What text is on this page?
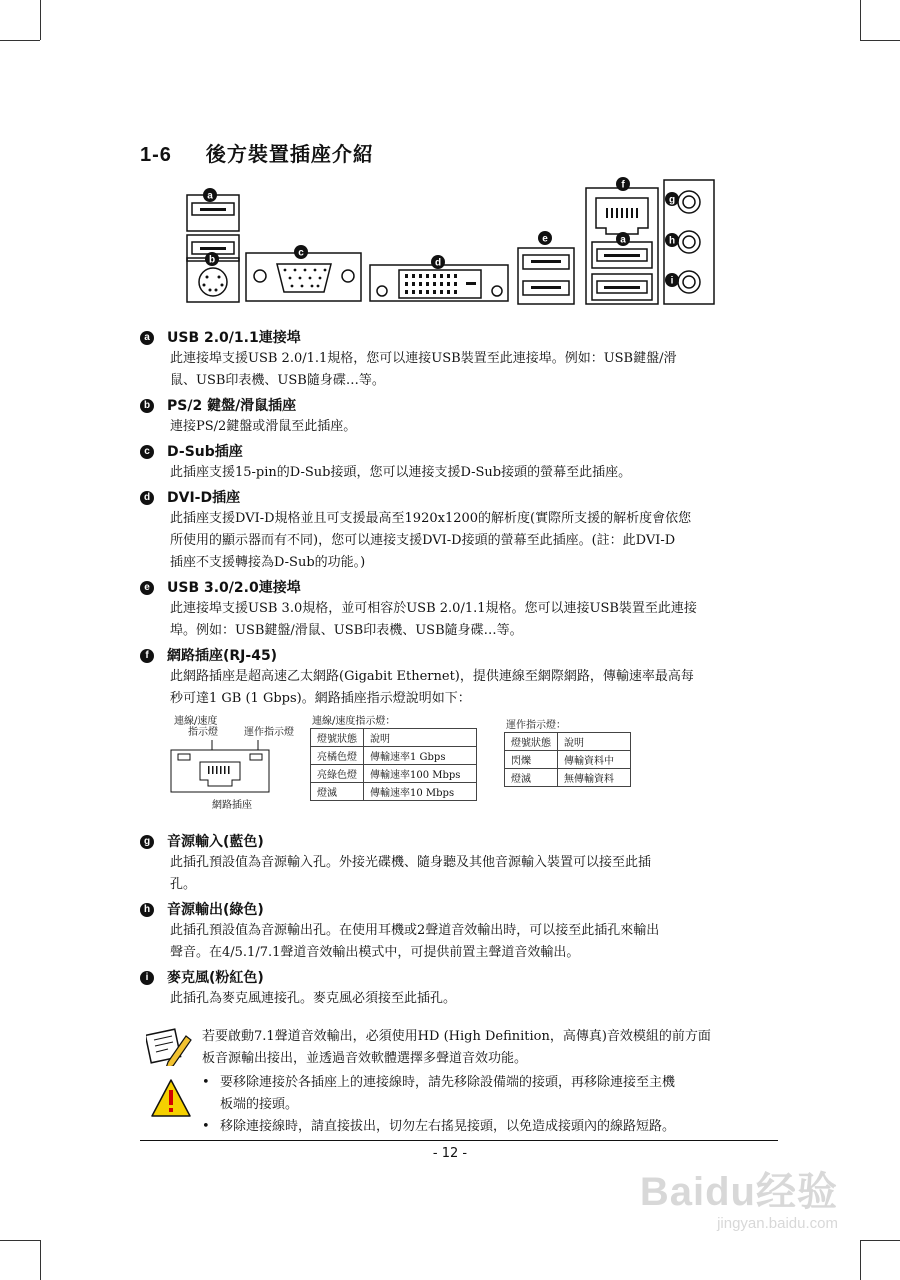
1-6 後方裝置插座介紹
a
b
c
d
e	a
f
g
h
i
a	USB 2.0/1.1連接埠
此連接埠支援USB 2.0/1.1規格，您可以連接USB裝置至此連接埠。例如：USB鍵盤/滑
鼠、USB印表機、USB隨身碟…等。
b PS/2 鍵盤/滑鼠插座
連接PS/2鍵盤或滑鼠至此插座。
c	D-Sub插座
此插座支援15-pin的D-Sub接頭，您可以連接支援D-Sub接頭的螢幕至此插座。
d DVI-D插座
此插座支援DVI-D規格並且可支援最高至1920x1200的解析度(實際所支援的解析度會依您
所使用的顯示器而有不同)，您可以連接支援DVI-D接頭的螢幕至此插座。(註：此DVI-D
插座不支援轉接為D-Sub的功能。)
e	USB 3.0/2.0連接埠
此連接埠支援USB 3.0規格，並可相容於USB 2.0/1.1規格。您可以連接USB裝置至此連接
埠。例如：USB鍵盤/滑鼠、USB印表機、USB隨身碟…等。
f	網路插座(RJ-45)
此網路插座是超高速乙太網路(Gigabit Ethernet)，提供連線至網際網路，傳輸速率最高每
秒可達1 GB (1 Gbps)。網路插座指示燈說明如下：
連線/速度
指示燈	運作指示燈
網路插座
連線/速度指示燈：
燈號狀態	說明
亮橘色燈	傳輸速率1 Gbps
亮綠色燈	傳輸速率100 Mbps
燈滅	傳輸速率10 Mbps
運作指示燈：
燈號狀態	說明
閃爍	傳輸資料中
燈滅	無傳輸資料
g 音源輸入(藍色)
此插孔預設值為音源輸入孔。外接光碟機、隨身聽及其他音源輸入裝置可以接至此插
孔。
h 音源輸出(綠色)
此插孔預設值為音源輸出孔。在使用耳機或2聲道音效輸出時，可以接至此插孔來輸出
聲音。在4/5.1/7.1聲道音效輸出模式中，可提供前置主聲道音效輸出。
i	麥克風(粉紅色)
此插孔為麥克風連接孔。麥克風必須接至此插孔。
若要啟動7.1聲道音效輸出，必須使用HD (High Definition，高傳真)音效模組的前方面
板音源輸出接出，並透過音效軟體選擇多聲道音效功能。
• 要移除連接於各插座上的連接線時，請先移除設備端的接頭，再移除連接至主機
板端的接頭。
• 移除連接線時，請直接拔出，切勿左右搖晃接頭，以免造成接頭內的線路短路。
- 12 -
Baidu经验
jingyan.baidu.com
